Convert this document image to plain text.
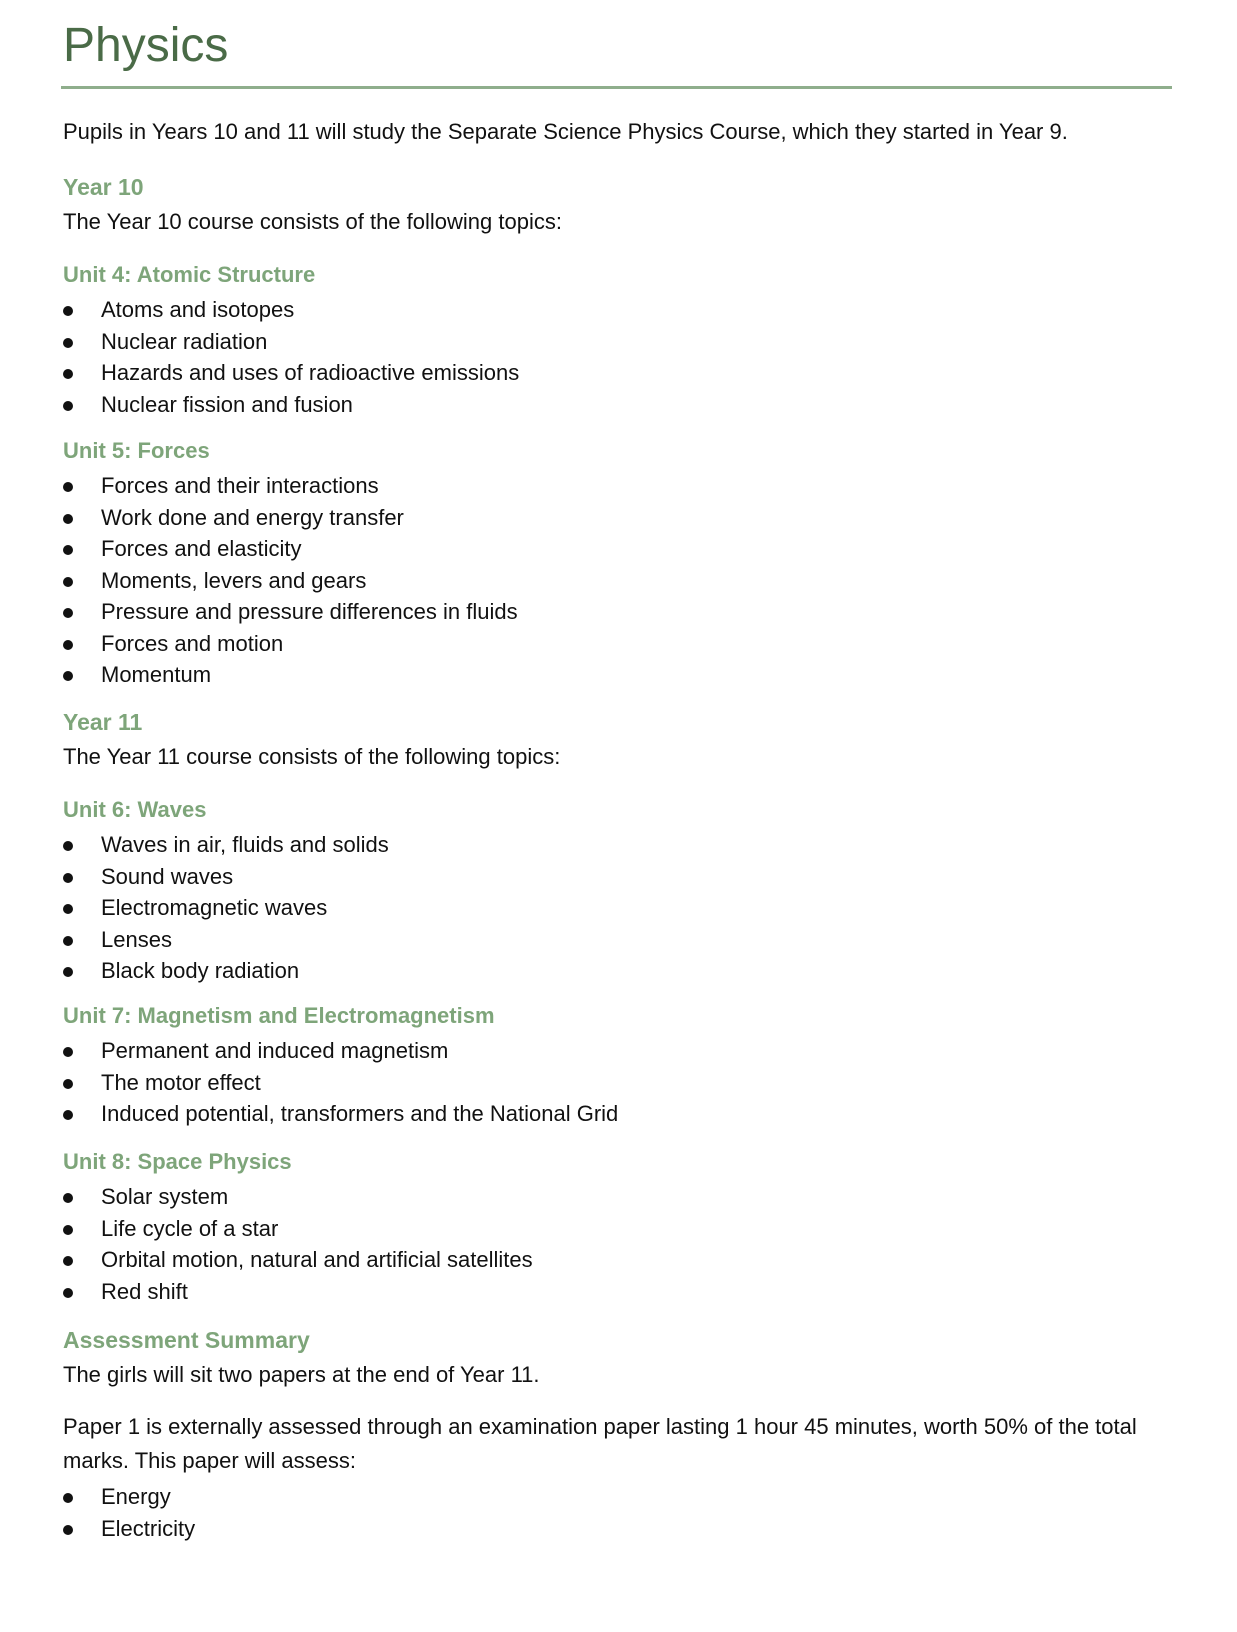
Physics
Pupils in Years 10 and 11 will study the Separate Science Physics Course, which they started in Year 9.
Year 10
The Year 10 course consists of the following topics:
Unit 4: Atomic Structure
Atoms and isotopes
Nuclear radiation
Hazards and uses of radioactive emissions
Nuclear fission and fusion
Unit 5: Forces
Forces and their interactions
Work done and energy transfer
Forces and elasticity
Moments, levers and gears
Pressure and pressure differences in fluids
Forces and motion
Momentum
Year 11
The Year 11 course consists of the following topics:
Unit 6: Waves
Waves in air, fluids and solids
Sound waves
Electromagnetic waves
Lenses
Black body radiation
Unit 7: Magnetism and Electromagnetism
Permanent and induced magnetism
The motor effect
Induced potential, transformers and the National Grid
Unit 8: Space Physics
Solar system
Life cycle of a star
Orbital motion, natural and artificial satellites
Red shift
Assessment Summary
The girls will sit two papers at the end of Year 11.
Paper 1 is externally assessed through an examination paper lasting 1 hour 45 minutes, worth 50% of the total marks. This paper will assess:
Energy
Electricity
